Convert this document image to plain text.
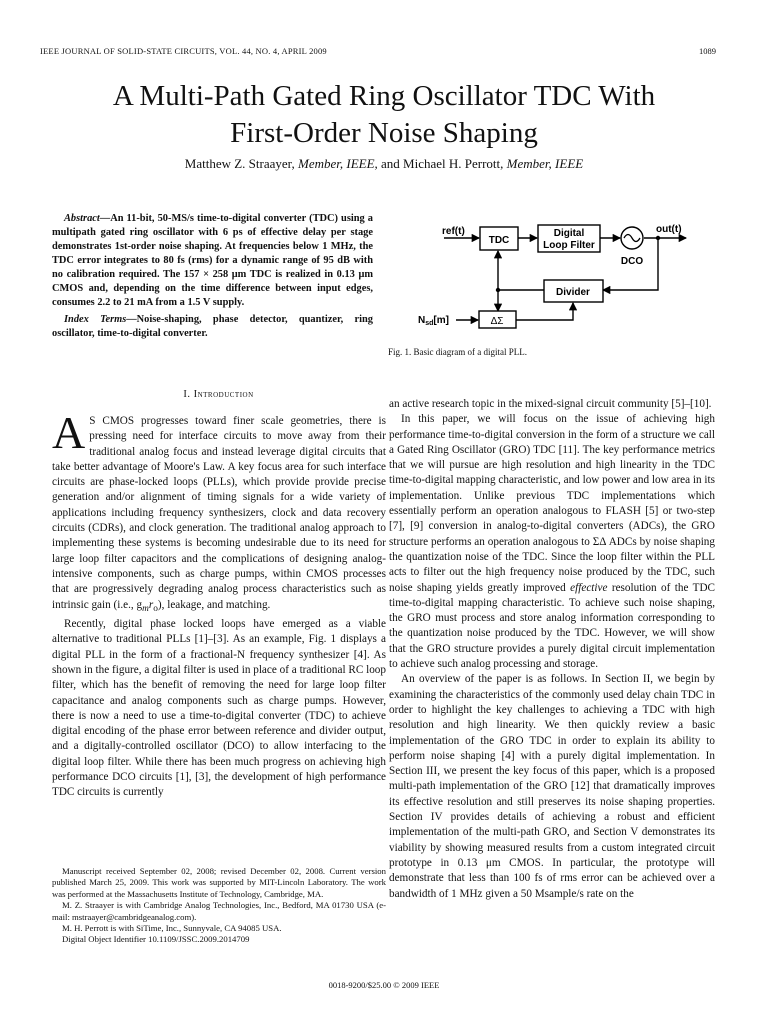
IEEE JOURNAL OF SOLID-STATE CIRCUITS, VOL. 44, NO. 4, APRIL 2009	1089
A Multi-Path Gated Ring Oscillator TDC With
First-Order Noise Shaping
Matthew Z. Straayer, Member, IEEE, and Michael H. Perrott, Member, IEEE

Abstract—An 11-bit, 50-MS/s time-to-digital converter (TDC) using a multipath gated ring oscillator with 6 ps of effective delay per stage demonstrates 1st-order noise shaping. At frequencies below 1 MHz, the TDC error integrates to 80 fs (rms) for a dynamic range of 95 dB with no calibration required. The 157 × 258 μm TDC is realized in 0.13 μm CMOS and, depending on the time difference between input edges, consumes 2.2 to 21 mA from a 1.5 V supply.

Index Terms—Noise-shaping, phase detector, quantizer, ring oscillator, time-to-digital converter.

ref(t)
TDC
Digital
Loop Filter
DCO
out(t)
Divider
ΔΣ
$N_{sd}[m]$
Fig. 1. Basic diagram of a digital PLL.
I. Introduction

A S CMOS progresses toward finer scale geometries, there is pressing need for interface circuits to move away from their traditional analog focus and instead leverage digital circuits that take better advantage of Moore's Law. A key focus area for such interface circuits are phase-locked loops (PLLs), which provide provide precise generation and/or alignment of timing signals for a wide variety of applications including frequency synthesizers, clock and data recovery circuits (CDRs), and clock generation. The traditional analog approach to implementing these systems is becoming undesirable due to its need for large loop filter capacitors and the complications of designing analog-intensive components, such as charge pumps, within CMOS processes that are progressively degrading analog process characteristics such as intrinsic gain (i.e., $g_mr_o$), leakage, and matching.

Recently, digital phase locked loops have emerged as a viable alternative to traditional PLLs [1]–[3]. As an example, Fig. 1 displays a digital PLL in the form of a fractional-N frequency synthesizer [4]. As shown in the figure, a digital filter is used in place of a traditional RC loop filter, which has the benefit of removing the need for large loop filter capacitance and analog components such as charge pumps. However, there is now a need to use a time-to-digital converter (TDC) to achieve digital encoding of the phase error between reference and divider output, and a digitally-controlled oscillator (DCO) to allow interfacing to the digital loop filter. While there has been much progress on achieving high performance DCO circuits [1], [3], the development of high performance TDC circuits is currently

Manuscript received September 02, 2008; revised December 02, 2008. Current version published March 25, 2009. This work was supported by MIT-Lincoln Laboratory. The work was performed at the Massachusetts Institute of Technology, Cambridge, MA.

M. Z. Straayer is with Cambridge Analog Technologies, Inc., Bedford, MA 01730 USA (e-mail: mstraayer@cambridgeanalog.com).

M. H. Perrott is with SiTime, Inc., Sunnyvale, CA 94085 USA.

Digital Object Identifier 10.1109/JSSC.2009.2014709

an active research topic in the mixed-signal circuit community [5]–[10].

In this paper, we will focus on the issue of achieving high performance time-to-digital conversion in the form of a structure we call a Gated Ring Oscillator (GRO) TDC [11]. The key performance metrics that we will pursue are high resolution and high linearity in the TDC time-to-digital mapping characteristic, and low power and low area in its implementation. Unlike previous TDC implementations which essentially perform an operation analogous to FLASH [5] or two-step [7], [9] conversion in analog-to-digital converters (ADCs), the GRO structure performs an operation analogous to ΣΔ ADCs by noise shaping the quantization noise of the TDC. Since the loop filter within the PLL acts to filter out the high frequency noise produced by the TDC, such noise shaping yields greatly improved effective resolution of the TDC time-to-digital mapping characteristic. To achieve such noise shaping, the GRO must process and store analog information corresponding to the quantization noise produced by the TDC. However, we will show that the GRO structure provides a purely digital circuit implementation to achieve such analog processing and storage.

An overview of the paper is as follows. In Section II, we begin by examining the characteristics of the commonly used delay chain TDC in order to highlight the key challenges to achieving a TDC with high resolution and high linearity. We then quickly review a basic implementation of the GRO TDC in order to explain its ability to perform noise shaping [4] with a purely digital implementation. In Section III, we present the key focus of this paper, which is a proposed multi-path implementation of the GRO [12] that dramatically improves its effective resolution and still preserves its noise shaping properties. Section IV provides details of achieving a robust and efficient implementation of the multi-path GRO, and Section V demonstrates its viability by showing measured results from a custom integrated circuit prototype in 0.13 μm CMOS. In particular, the prototype will demonstrate that less than 100 fs of rms error can be achieved over a bandwidth of 1 MHz given a 50 Msample/s rate on the

0018-9200/$25.00 © 2009 IEEE
